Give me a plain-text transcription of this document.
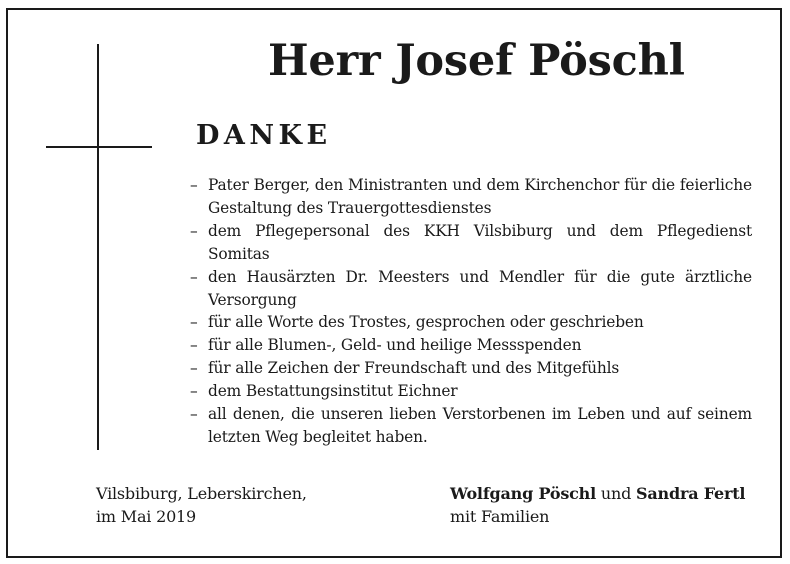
Herr Josef Pöschl
DANKE
– Pater Berger, den Ministranten und dem Kirchenchor für die feierliche Gestaltung des Trauergottesdienstes
– dem Pflegepersonal des KKH Vilsbiburg und dem Pflegedienst Somitas
– den Hausärzten Dr. Meesters und Mendler für die gute ärztliche Versorgung
– für alle Worte des Trostes, gesprochen oder geschrieben
– für alle Blumen-, Geld- und heilige Messspenden
– für alle Zeichen der Freundschaft und des Mitgefühls
– dem Bestattungsinstitut Eichner
– all denen, die unseren lieben Verstorbenen im Leben und auf seinem letzten Weg begleitet haben.
Vilsbiburg, Leberskirchen,
im Mai 2019
Wolfgang Pöschl und Sandra Fertl
mit Familien
